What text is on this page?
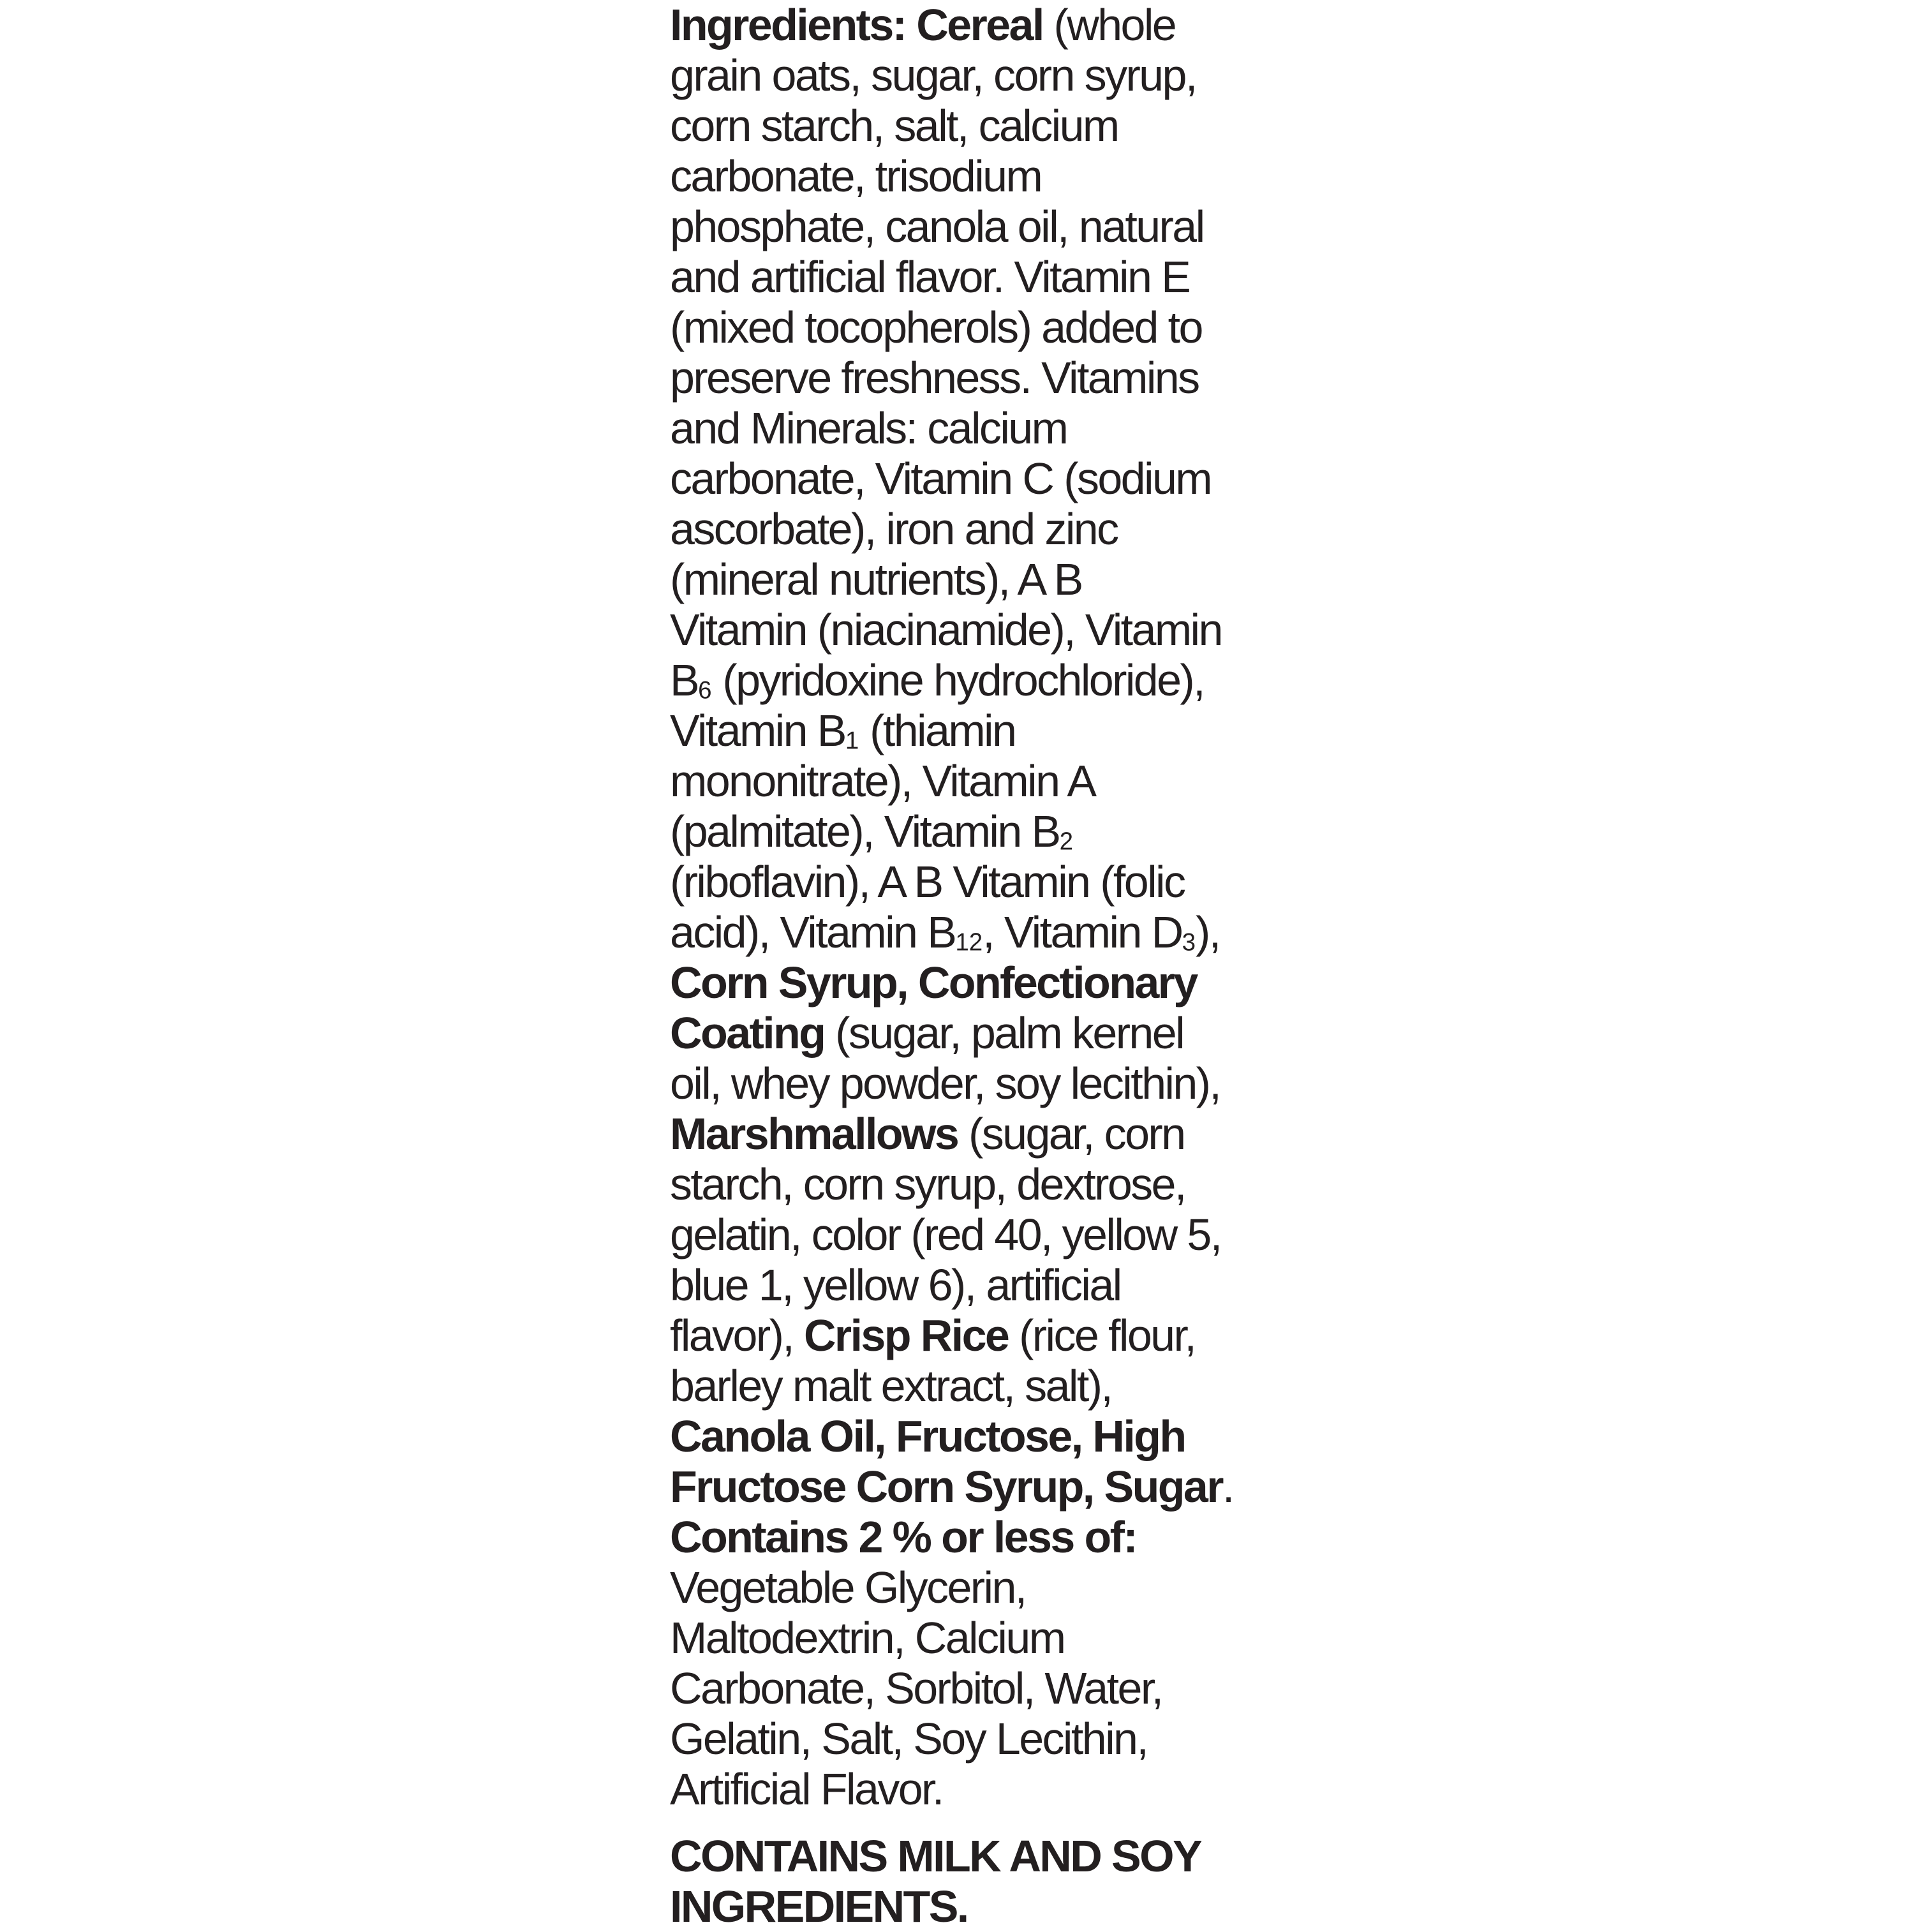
Ingredients: Cereal (whole
grain oats, sugar, corn syrup,
corn starch, salt, calcium
carbonate, trisodium
phosphate, canola oil, natural
and artificial flavor. Vitamin E
(mixed tocopherols) added to
preserve freshness. Vitamins
and Minerals: calcium
carbonate, Vitamin C (sodium
ascorbate), iron and zinc
(mineral nutrients), A B
Vitamin (niacinamide), Vitamin
$B_6$ (pyridoxine hydrochloride),
Vitamin $B_1$ (thiamin
mononitrate), Vitamin A
(palmitate), Vitamin $B_2$
(riboflavin), A B Vitamin (folic
acid), Vitamin $B_{12}$, Vitamin $D_3$),
Corn Syrup, Confectionary
Coating (sugar, palm kernel
oil, whey powder, soy lecithin),
Marshmallows (sugar, corn
starch, corn syrup, dextrose,
gelatin, color (red 40, yellow 5,
blue 1, yellow 6), artificial
flavor), Crisp Rice (rice flour,
barley malt extract, salt),
Canola Oil, Fructose, High
Fructose Corn Syrup, Sugar.
Contains 2 % or less of:
Vegetable Glycerin,
Maltodextrin, Calcium
Carbonate, Sorbitol, Water,
Gelatin, Salt, Soy Lecithin,
Artificial Flavor.
CONTAINS MILK AND SOY
INGREDIENTS.
